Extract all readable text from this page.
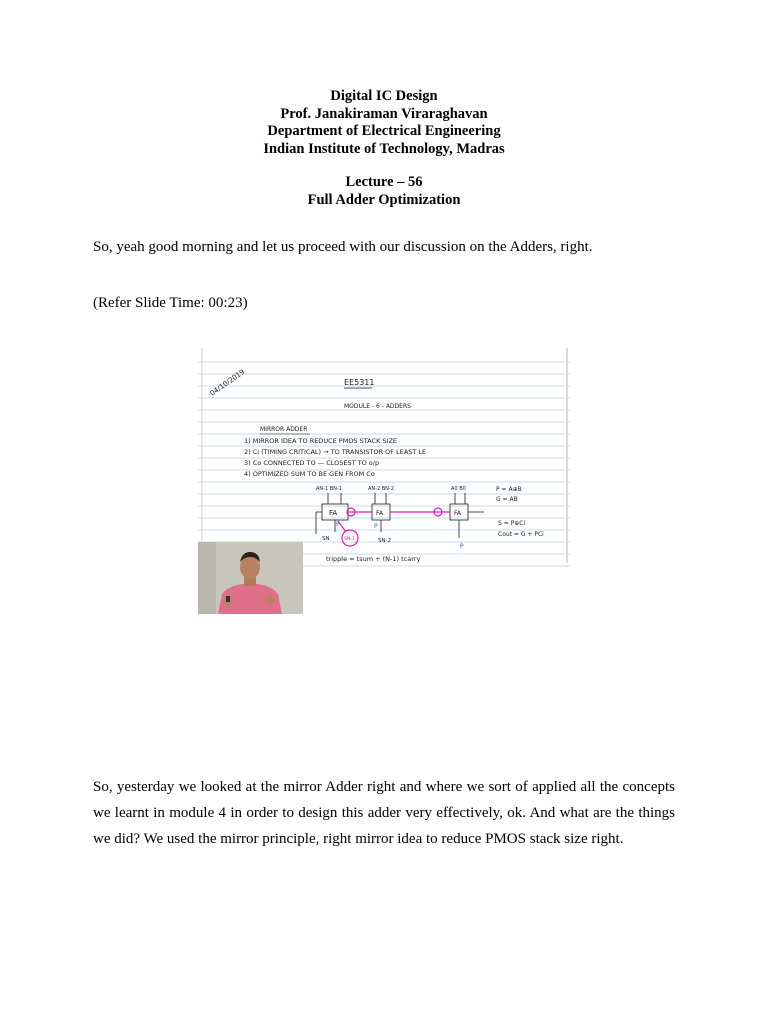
Digital IC Design
Prof. Janakiraman Viraraghavan
Department of Electrical Engineering
Indian Institute of Technology, Madras
Lecture – 56
Full Adder Optimization
So, yeah good morning and let us proceed with our discussion on the Adders, right.
(Refer Slide Time: 00:23)
04/10/2019	EE5311
MODULE - 6 - ADDERS
MIRROR ADDER
1) MIRROR IDEA TO REDUCE PMOS STACK SIZE
2) Ci (TIMING CRITICAL) → TO TRANSISTOR OF LEAST LE
3) Co CONNECTED TO — CLOSEST TO o/p
4) OPTIMIZED SUM TO BE GEN FROM Co
AN-1 BN-1	AN-2 BN-2	A0 B0
FA	FA	FA
- - - -
SN	SN-1	SN-2
P	P
P
P = A⊕B
G = AB
S = P⊕Ci
Cout = G + PCi
tripple = tsum + (N-1) tcarry
So, yesterday we looked at the mirror Adder right and where we sort of applied all the concepts we learnt in module 4 in order to design this adder very effectively, ok. And what are the things we did? We used the mirror principle, right mirror idea to reduce PMOS stack size right.
